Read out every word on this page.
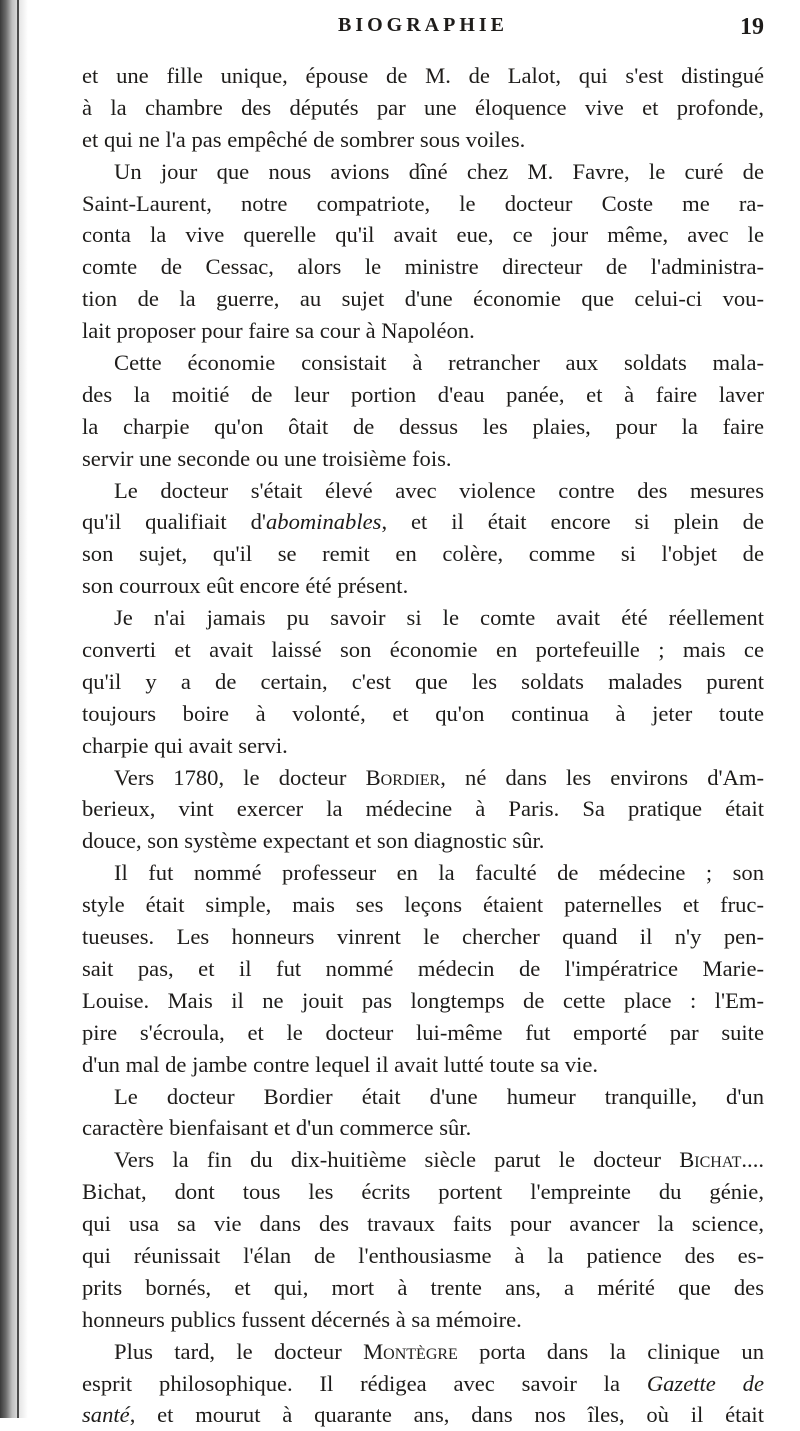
BIOGRAPHIE	19
et une fille unique, épouse de M. de Lalot, qui s'est distingué
à la chambre des députés par une éloquence vive et profonde,
et qui ne l'a pas empêché de sombrer sous voiles.
Un jour que nous avions dîné chez M. Favre, le curé de
Saint-Laurent, notre compatriote, le docteur Coste me ra-
conta la vive querelle qu'il avait eue, ce jour même, avec le
comte de Cessac, alors le ministre directeur de l'administra-
tion de la guerre, au sujet d'une économie que celui-ci vou-
lait proposer pour faire sa cour à Napoléon.
Cette économie consistait à retrancher aux soldats mala-
des la moitié de leur portion d'eau panée, et à faire laver
la charpie qu'on ôtait de dessus les plaies, pour la faire
servir une seconde ou une troisième fois.
Le docteur s'était élevé avec violence contre des mesures
qu'il qualifiait d'abominables, et il était encore si plein de
son sujet, qu'il se remit en colère, comme si l'objet de
son courroux eût encore été présent.
Je n'ai jamais pu savoir si le comte avait été réellement
converti et avait laissé son économie en portefeuille ; mais ce
qu'il y a de certain, c'est que les soldats malades purent
toujours boire à volonté, et qu'on continua à jeter toute
charpie qui avait servi.
Vers 1780, le docteur Bordier, né dans les environs d'Am-
berieux, vint exercer la médecine à Paris. Sa pratique était
douce, son système expectant et son diagnostic sûr.
Il fut nommé professeur en la faculté de médecine ; son
style était simple, mais ses leçons étaient paternelles et fruc-
tueuses. Les honneurs vinrent le chercher quand il n'y pen-
sait pas, et il fut nommé médecin de l'impératrice Marie-
Louise. Mais il ne jouit pas longtemps de cette place : l'Em-
pire s'écroula, et le docteur lui-même fut emporté par suite
d'un mal de jambe contre lequel il avait lutté toute sa vie.
Le docteur Bordier était d'une humeur tranquille, d'un
caractère bienfaisant et d'un commerce sûr.
Vers la fin du dix-huitième siècle parut le docteur Bichat....
Bichat, dont tous les écrits portent l'empreinte du génie,
qui usa sa vie dans des travaux faits pour avancer la science,
qui réunissait l'élan de l'enthousiasme à la patience des es-
prits bornés, et qui, mort à trente ans, a mérité que des
honneurs publics fussent décernés à sa mémoire.
Plus tard, le docteur Montègre porta dans la clinique un
esprit philosophique. Il rédigea avec savoir la Gazette de
santé, et mourut à quarante ans, dans nos îles, où il était
